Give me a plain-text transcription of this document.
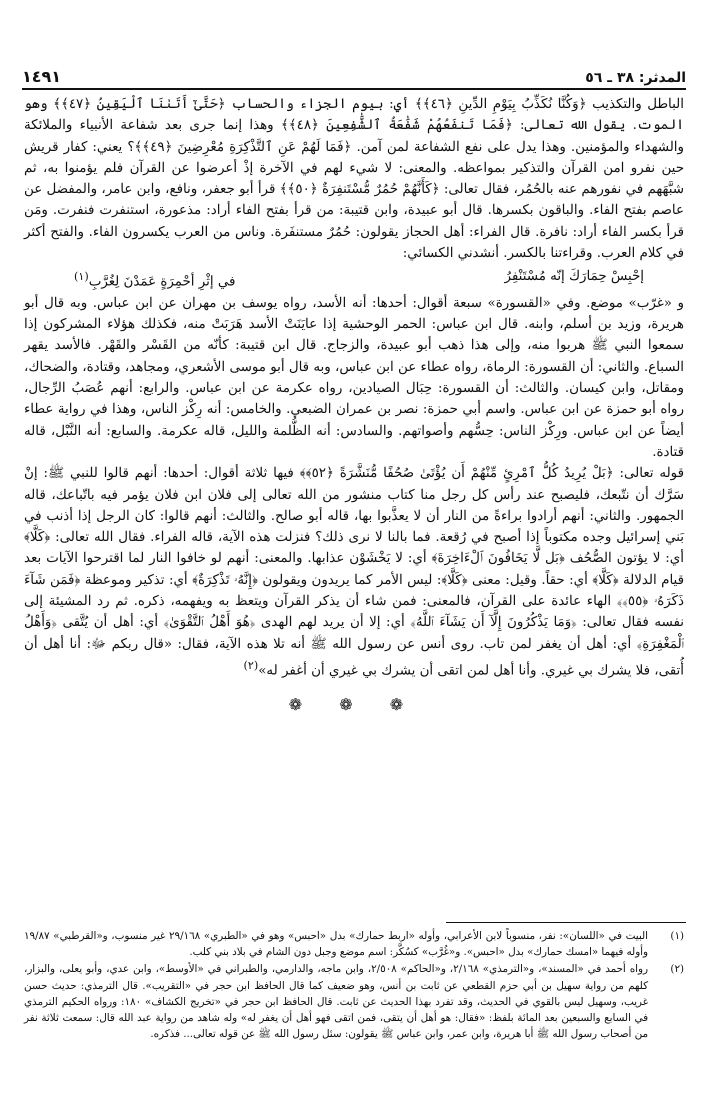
المدثر: ٣٨ ـ ٥٦
١٤٩١

الباطل والتكذيب ﴿وَكُنَّا نُكَذِّبُ بِيَوْمِ الدِّينِ ﴿٤٦﴾﴾ أي: بيوم الجزاء والحساب ﴿حَتَّىٰٓ أَتَىٰنَا ٱلْيَقِينُ ﴿٤٧﴾﴾ وهو الموت. يقول الله تعالى: ﴿فَمَا تَنفَعُهُمْ شَفَٰعَةُ ٱلشَّٰفِعِينَ ﴿٤٨﴾﴾ وهذا إنما جرى بعد شفاعة الأنبياء والملائكة والشهداء والمؤمنين. وهذا يدل على نفع الشفاعة لمن آمن. ﴿فَمَا لَهُمْ عَنِ ٱلتَّذْكِرَةِ مُعْرِضِينَ ﴿٤٩﴾﴾؟ يعني: كفار قريش حين نفرو امن القرآن والتذكير بمواعظه. والمعنى: لا شيء لهم في الآخرة إذْ أعرضوا عن القرآن فلم يؤمنوا به، ثم شبَّهَهم في نفورهم عنه بالحُمُر، فقال تعالى: ﴿كَأَنَّهُمْ حُمُرٌ مُّسْتَنفِرَةٌ ﴿٥٠﴾﴾ قرأ أبو جعفر، ونافع، وابن عامر، والمفضل عن عاصم بفتح الفاء. والباقون بكسرها. قال أبو عبيدة، وابن قتيبة: من قرأ بفتح الفاء أراد: مذعورة، استنفرت فنفرت. ومَن قرأ بكسر الفاء أراد: نافرة. قال الفراء: أهل الحجاز يقولون: حُمُرٌ مستنفَرة. وناس من العرب يكسرون الفاء. والفتح أكثر في كلام العرب. وقراءتنا بالكسر. أنشدني الكسائي:

إحْبِسْ حِمَارَكَ إنّه مُسْتَنْفِرُ
في إثْرِ أحْمِرَةٍ عَمَدْنَ لِغُرَّبِ$^{(١)}$

و «غرّب» موضع. وفي «القسورة» سبعة أقوال: أحدها: أنه الأسد، رواه يوسف بن مهران عن ابن عباس. وبه قال أبو هريرة، وزيد بن أسلم، وابنه. قال ابن عباس: الحمر الوحشية إذا عايَنَتْ الأسد هَرَبَتْ منه، فكذلك هؤلاء المشركون إذا سمعوا النبي ﷺ هربوا منه، وإلى هذا ذهب أبو عبيدة، والزجاج. قال ابن قتيبة: كأنّه من القَسْر والقَهْر. فالأسد يقهر السباع. والثاني: أن القسورة: الرماة، رواه عطاء عن ابن عباس، وبه قال أبو موسى الأشعري، ومجاهد، وقتادة، والضحاك، ومقاتل، وابن كيسان. والثالث: أن القسورة: حِبَال الصيادين، رواه عكرمة عن ابن عباس. والرابع: أنهم عُصَبُ الرِّجال، رواه أبو حمزة عن ابن عباس. واسم أبي حمزة: نصر بن عمران الضبعي. والخامس: أنه رِكْز الناس، وهذا في رواية عطاء أيضاً عن ابن عباس. ورِكْز الناس: حِسُّهم وأصواتهم. والسادس: أنه الظُّلمة والليل، قاله عكرمة. والسابع: أنه النَّبْل، قاله قتادة.

قوله تعالى: ﴿بَلْ يُرِيدُ كُلُّ ٱمْرِئٍ مِّنْهُمْ أَن يُؤْتَىٰ صُحُفًا مُّنَشَّرَةً ﴿٥٢﴾﴾ فيها ثلاثة أقوال: أحدها: أنهم قالوا للنبي ﷺ: إنْ سَرَّك أن نتّبعك، فليصبح عند رأس كل رجل منا كتاب منشور من الله تعالى إلى فلان ابن فلان يؤمر فيه باتّباعك، قاله الجمهور. والثاني: أنهم أرادوا براءةً من النار أن لا يعذَّبوا بها، قاله أبو صالح. والثالث: أنهم قالوا: كان الرجل إذا أذنب في بَني إسرائيل وجده مكتوباً إذا أصبح في رُقعة. فما بالنا لا نرى ذلك؟ فنزلت هذه الآية، قاله الفراء. فقال الله تعالى: ﴿كَلَّا﴾ أي: لا يؤتون الصُّحُف ﴿بَل لَّا يَخَافُونَ ٱلْءَاخِرَةَ﴾ أي: لا يَخْشَوْن عذابها. والمعنى: أنهم لو خافوا النار لما اقترحوا الآيات بعد قيام الدلالة ﴿كَلَّا﴾ أي: حقاً. وقيل: معنى ﴿كَلَّا﴾: ليس الأمر كما يريدون ويقولون ﴿إِنَّهُۥ تَذْكِرَةٌ﴾ أي: تذكير وموعظة ﴿فَمَن شَآءَ ذَكَرَهُۥ ﴿٥٥﴾﴾ الهاء عائدة على القرآن، فالمعنى: فمن شاء أن يذكر القرآن ويتعظ به ويفهمه، ذكره. ثم رد المشيئة إلى نفسه فقال تعالى: ﴿وَمَا يَذْكُرُونَ إِلَّآ أَن يَشَآءَ ٱللَّهُ﴾ أي: إلا أن يريد لهم الهدى ﴿هُوَ أَهْلُ ٱلتَّقْوَىٰ﴾ أي: أهل أن يُتَّقى ﴿وَأَهْلُ ٱلْمَغْفِرَةِ﴾ أي: أهل أن يغفر لمن تاب. روى أنس عن رسول الله ﷺ أنه تلا هذه الآية، فقال: «قال ربكم ﷻ: أنا أهل أن أُتقى، فلا يشرك بي غيري. وأنا أهل لمن اتقى أن يشرك بي غيري أن أغفر له»$^{(٢)}$

❁ ❁ ❁
(١)
البيت في «اللسان»: نفر، منسوباً لابن الأعرابي، وأوله «اربط حمارك» بدل «احبس» وهو في «الطبري» ٢٩/١٦٨ غير منسوب، و«القرطبي» ١٩/٨٧ وأوله فيهما «امسك حمارك» بدل «احبس». و«غُرَّب» كسُكَّر: اسم موضع وجبل دون الشام في بلاد بني كلب.
(٢)
رواه أحمد في «المسند»، و«الترمذي» ٢/١٦٨، و«الحاكم» ٢/٥٠٨، وابن ماجه، والدارمي، والطبراني في «الأوسط»، وابن عدي، وأبو يعلى، والبزار، كلهم من رواية سهيل بن أبي حزم القطعي عن ثابت بن أنس، وهو ضعيف كما قال الحافظ ابن حجر في «التقريب». قال الترمذي: حديث حسن غريب، وسهيل ليس بالقوي في الحديث، وقد تفرد بهذا الحديث عن ثابت. قال الحافظ ابن حجر في «تخريج الكشاف» ١٨٠: ورواه الحكيم الترمذي في السابع والسبعين بعد المائة بلفظ: «فقال: هو أهل أن يتقى، فمن اتقى فهو أهل أن يغفر له» وله شاهد من رواية عبد الله قال: سمعت ثلاثة نفر من أصحاب رسول الله ﷺ أبا هريرة، وابن عمر، وابن عباس ﷺ يقولون: سئل رسول الله ﷺ عن قوله تعالى... فذكره.
